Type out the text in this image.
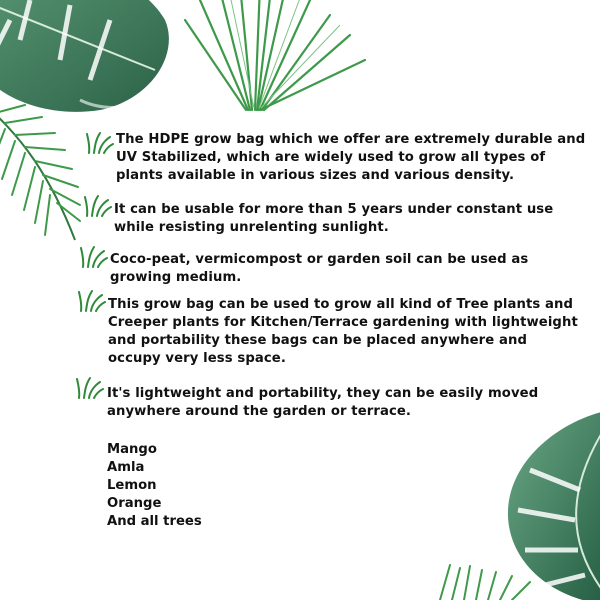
The HDPE grow bag which we offer are extremely durable and UV Stabilized, which are widely used to grow all types of plants available in various sizes and various density.

It can be usable for more than 5 years under constant use while resisting unrelenting sunlight.

Coco-peat, vermicompost or garden soil can be used as growing medium.

This grow bag can be used to grow all kind of Tree plants and Creeper plants for Kitchen/Terrace gardening with lightweight and portability these bags can be placed anywhere and occupy very less space.

It's lightweight and portability, they can be easily moved anywhere around the garden or terrace.

Mango
Amla
Lemon
Orange
And all trees
